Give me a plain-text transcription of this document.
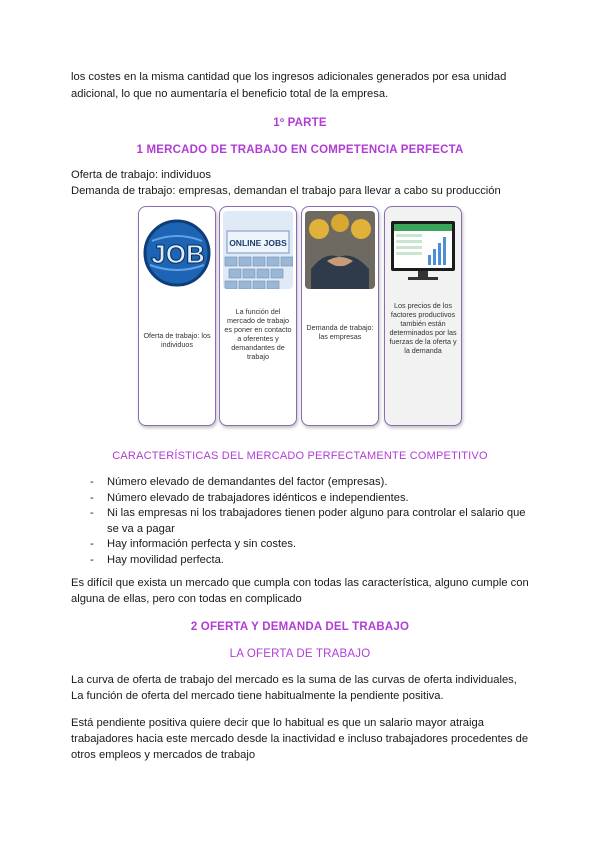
los costes en la misma cantidad que los ingresos adicionales generados por esa unidad

adicional, lo que no aumentaría el beneficio total de la empresa.

1º PARTE

1 MERCADO DE TRABAJO EN COMPETENCIA PERFECTA

Oferta de trabajo: individuos

Demanda de trabajo: empresas, demandan el trabajo para llevar a cabo su producción

JOB
Oferta de trabajo: los individuos
ONLINE JOBS
La función del mercado de trabajo es poner en contacto a oferentes y demandantes de trabajo
Demanda de trabajo: las empresas
Los precios de los factores productivos también están determinados por las fuerzas de la oferta y la demanda

CARACTERÍSTICAS DEL MERCADO PERFECTAMENTE COMPETITIVO

- Número elevado de demandantes del factor (empresas).
- Número elevado de trabajadores idénticos e independientes.
- Ni las empresas ni los trabajadores tienen poder alguno para controlar el salario que se va a pagar
- Hay información perfecta y sin costes.
- Hay movilidad perfecta.

Es difícil que exista un mercado que cumpla con todas las característica, alguno cumple con

alguna de ellas, pero con todas en complicado

2 OFERTA Y DEMANDA DEL TRABAJO

LA OFERTA DE TRABAJO

La curva de oferta de trabajo del mercado es la suma de las curvas de oferta individuales,

La función de oferta del mercado tiene habitualmente la pendiente positiva.

Está pendiente positiva quiere decir que lo habitual es que un salario mayor atraiga

trabajadores hacia este mercado desde la inactividad e incluso trabajadores procedentes de

otros empleos y mercados de trabajo
